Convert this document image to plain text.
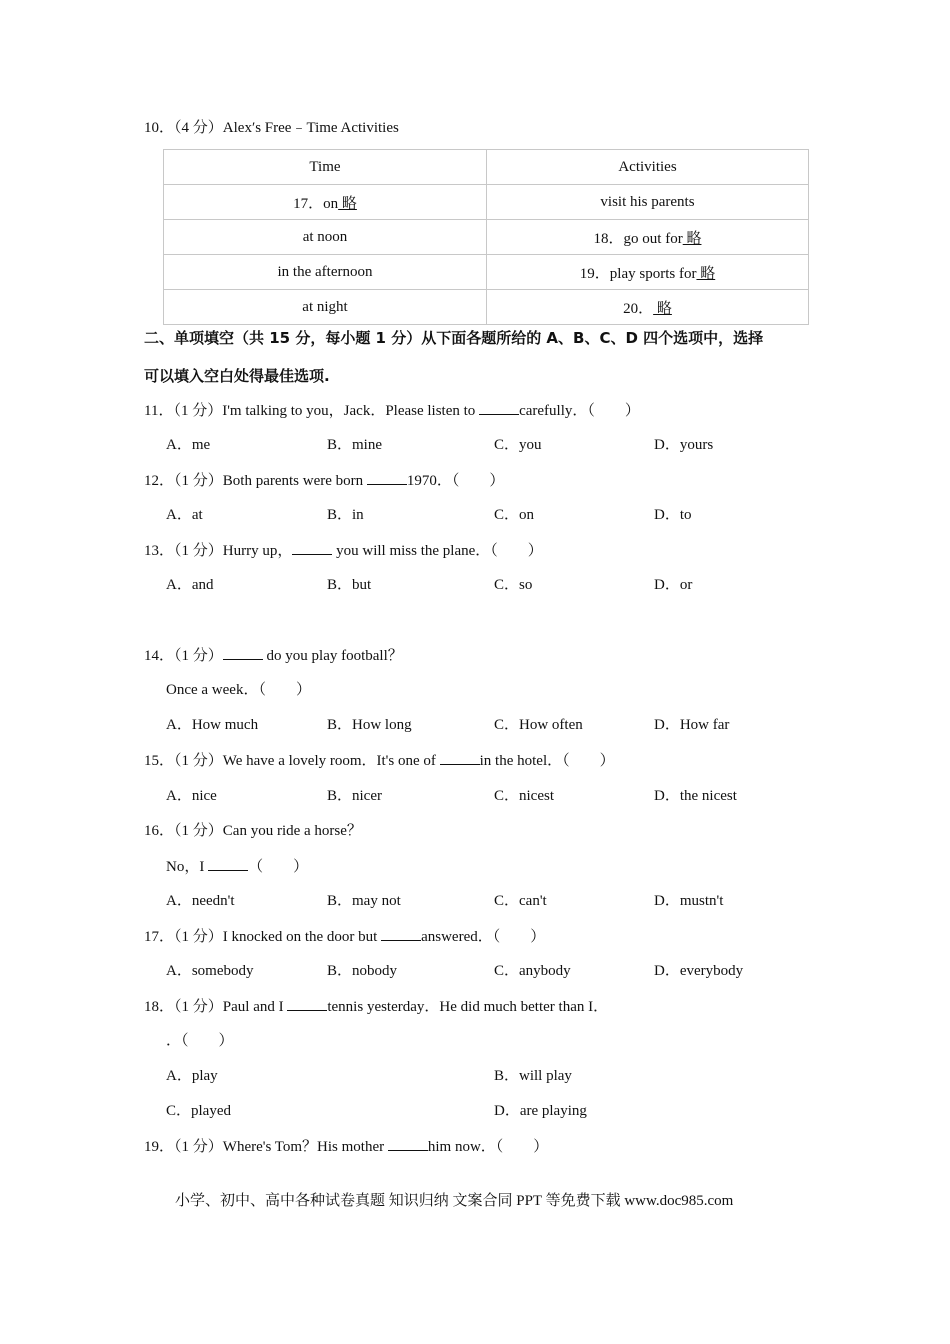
10．（4 分）Alex′s Free﹣Time Activities
Time	Activities
17．on 略	visit his parents
at noon	18．go out for 略
in the afternoon	19．play sports for 略
at night	20． 略
二、单项填空（共 15 分，每小题 1 分）从下面各题所给的 A、B、C、D 四个选项中，选择
可以填入空白处得最佳选项.
11．（1 分）I'm talking to you，Jack．Please listen to	carefully．（　　）
A．me	B．mine	C．you	D．yours
12．（1 分）Both parents were born	1970．（　　）
A．at	B．in	C．on	D．to
13．（1 分）Hurry up，	you will miss the plane．（　　）
A．and	B．but	C．so	D．or
14．（1 分）	do you play football？
Once a week．（　　）
A．How much	B．How long	C．How often	D．How far
15．（1 分）We have a lovely room．It's one of	in the hotel．（　　）
A．nice	B．nicer	C．nicest	D．the nicest
16．（1 分）Can you ride a horse？
No，I	（　　）
A．needn't	B．may not	C．can't	D．mustn't
17．（1 分）I knocked on the door but	answered．（　　）
A．somebody	B．nobody	C．anybody	D．everybody
18．（1 分）Paul and I	tennis yesterday．He did much better than I．
．（　　）
A．play	B．will play
C．played	D．are playing
19．（1 分）Where's Tom？His mother	him now．（　　）
小学、初中、高中各种试卷真题 知识归纳 文案合同 PPT 等免费下载 www.doc985.com
